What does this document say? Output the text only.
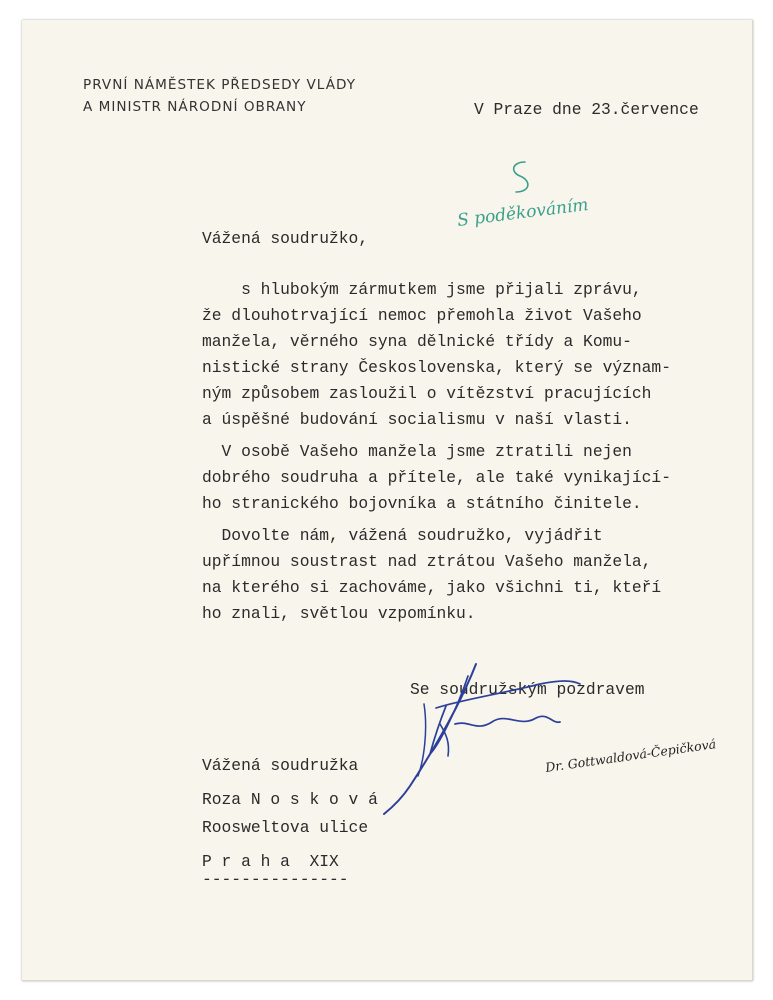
PRVNÍ NÁMĚSTEK PŘEDSEDY VLÁDY
A MINISTR NÁRODNÍ OBRANY	V Praze dne 23.července
S poděkováním
Vážená soudružko,
s hlubokým zármutkem jsme přijali zprávu,
že dlouhotrvající nemoc přemohla život Vašeho
manžela, věrného syna dělnické třídy a Komu-
nistické strany Československa, který se význam-
ným způsobem zasloužil o vítězství pracujících
a úspěšné budování socialismu v naší vlasti.
V osobě Vašeho manžela jsme ztratili nejen
dobrého soudruha a přítele, ale také vynikající-
ho stranického bojovníka a státního činitele.
Dovolte nám, vážená soudružko, vyjádřit
upřímnou soustrast nad ztrátou Vašeho manžela,
na kterého si zachováme, jako všichni ti, kteří
ho znali, světlou vzpomínku.
Se soudružským pozdravem
Vážená soudružka
Roza N o s k o v á
Roosweltova ulice
P r a h a  XIX
---------------
Dr. Gottwaldová-Čepičková
